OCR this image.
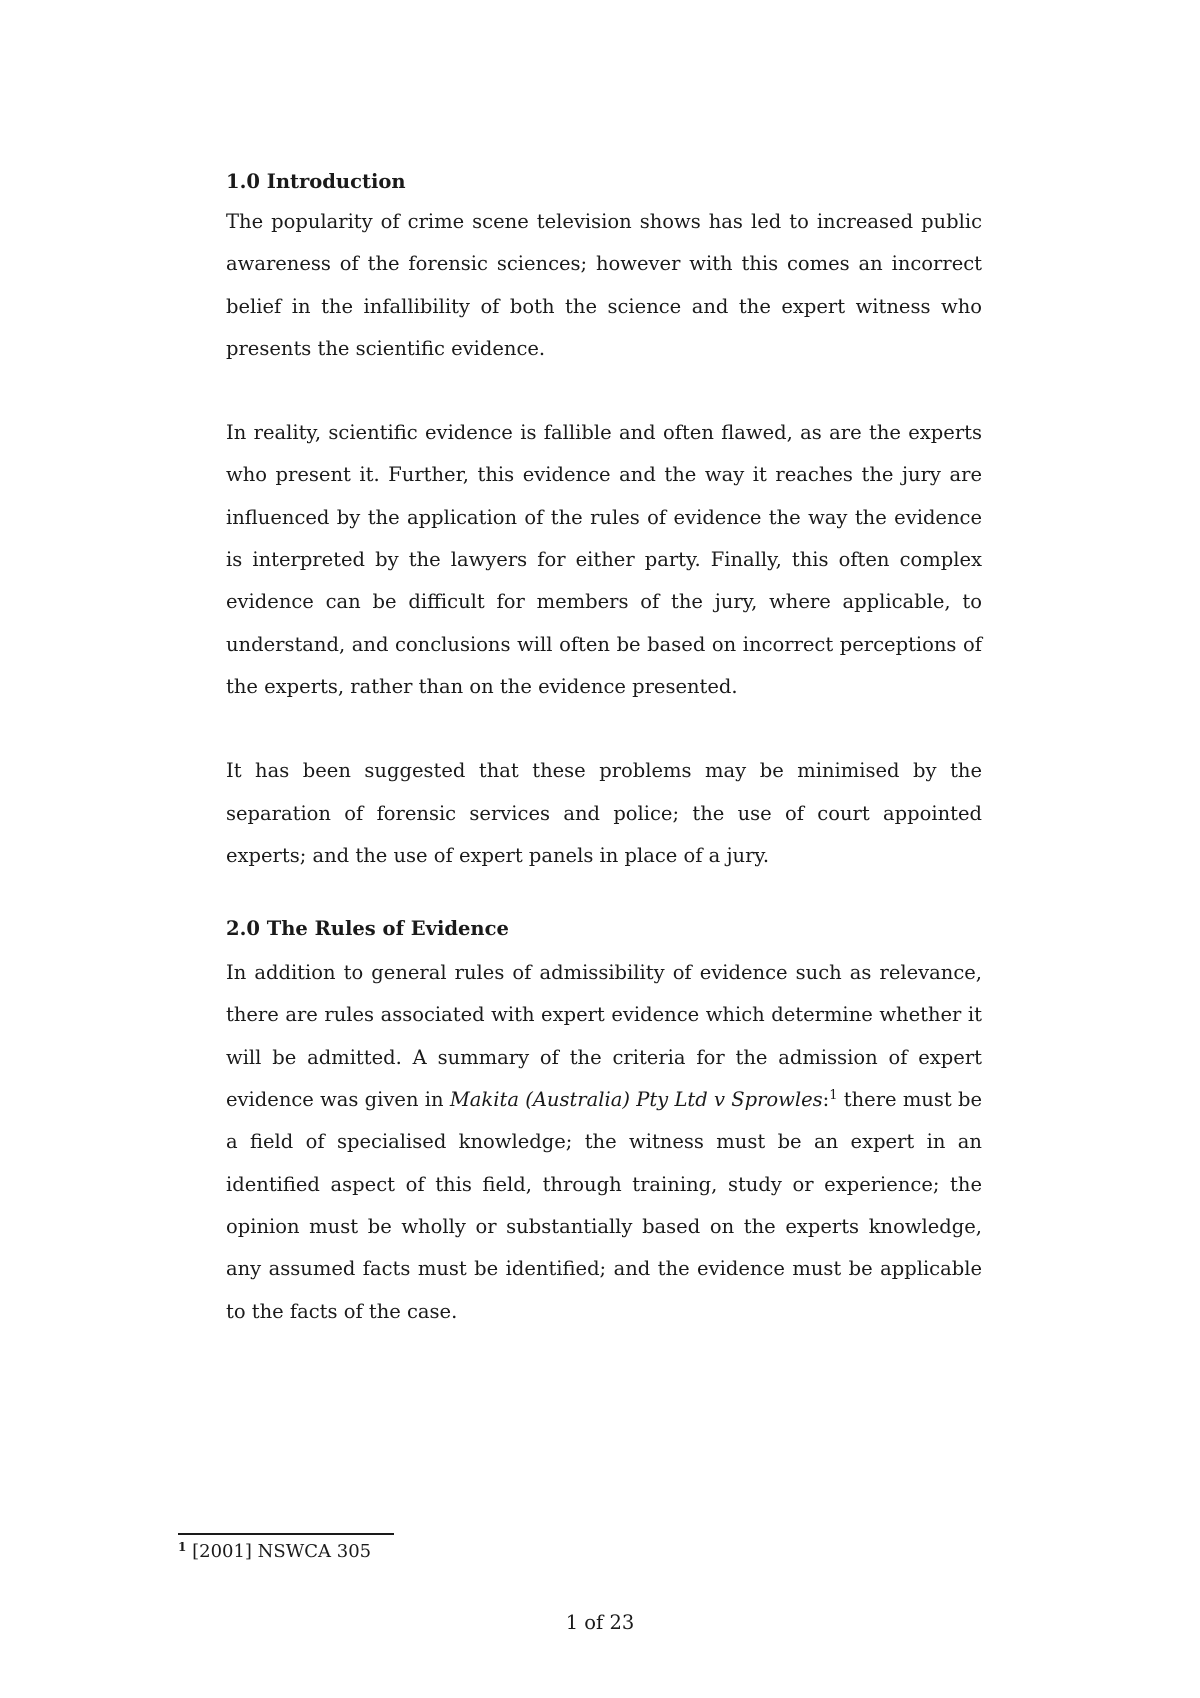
1.0 Introduction

The popularity of crime scene television shows has led to increased public awareness of the forensic sciences; however with this comes an incorrect belief in the infallibility of both the science and the expert witness who presents the scientific evidence.

In reality, scientific evidence is fallible and often flawed, as are the experts who present it. Further, this evidence and the way it reaches the jury are influenced by the application of the rules of evidence the way the evidence is interpreted by the lawyers for either party. Finally, this often complex evidence can be difficult for members of the jury, where applicable, to understand, and conclusions will often be based on incorrect perceptions of the experts, rather than on the evidence presented.

It has been suggested that these problems may be minimised by the separation of forensic services and police; the use of court appointed experts; and the use of expert panels in place of a jury.

2.0 The Rules of Evidence

In addition to general rules of admissibility of evidence such as relevance, there are rules associated with expert evidence which determine whether it will be admitted. A summary of the criteria for the admission of expert evidence was given in Makita (Australia) Pty Ltd v Sprowles:$^1$ there must be a field of specialised knowledge; the witness must be an expert in an identified aspect of this field, through training, study or experience; the opinion must be wholly or substantially based on the experts knowledge, any assumed facts must be identified; and the evidence must be applicable to the facts of the case.

$^1$ [2001] NSWCA 305
1 of 23
